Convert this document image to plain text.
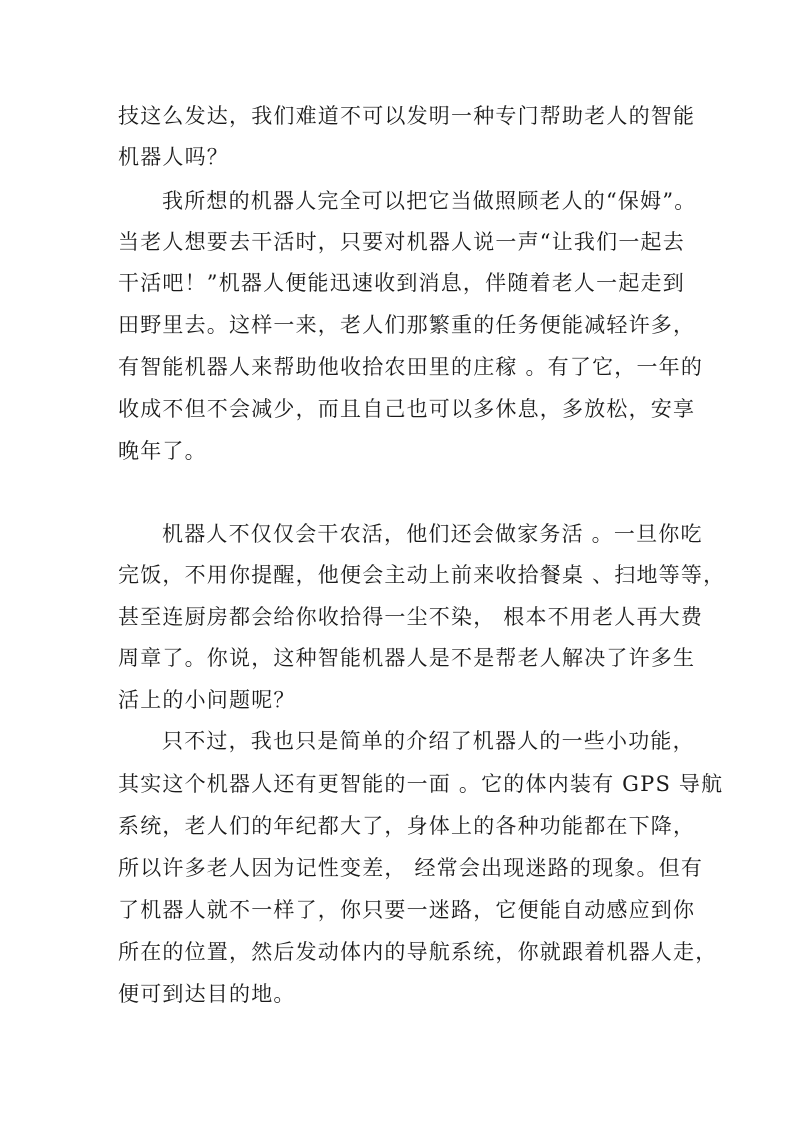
技这么发达，我们难道不可以发明一种专门帮助老人的智能
机器人吗？
我所想的机器人完全可以把它当做照顾老人的“保姆”。
当老人想要去干活时，只要对机器人说一声“让我们一起去
干活吧！”机器人便能迅速收到消息，伴随着老人一起走到
田野里去。这样一来，老人们那繁重的任务便能减轻许多，
有智能机器人来帮助他收拾农田里的庄稼 。有了它，一年的
收成不但不会减少，而且自己也可以多休息，多放松，安享
晚年了。
机器人不仅仅会干农活，他们还会做家务活 。一旦你吃
完饭，不用你提醒，他便会主动上前来收拾餐桌 、扫地等等，
甚至连厨房都会给你收拾得一尘不染， 根本不用老人再大费
周章了。你说，这种智能机器人是不是帮老人解决了许多生
活上的小问题呢？
只不过，我也只是简单的介绍了机器人的一些小功能，
其实这个机器人还有更智能的一面 。它的体内装有 GPS 导航
系统，老人们的年纪都大了，身体上的各种功能都在下降，
所以许多老人因为记性变差， 经常会出现迷路的现象。但有
了机器人就不一样了，你只要一迷路，它便能自动感应到你
所在的位置，然后发动体内的导航系统，你就跟着机器人走，
便可到达目的地。
